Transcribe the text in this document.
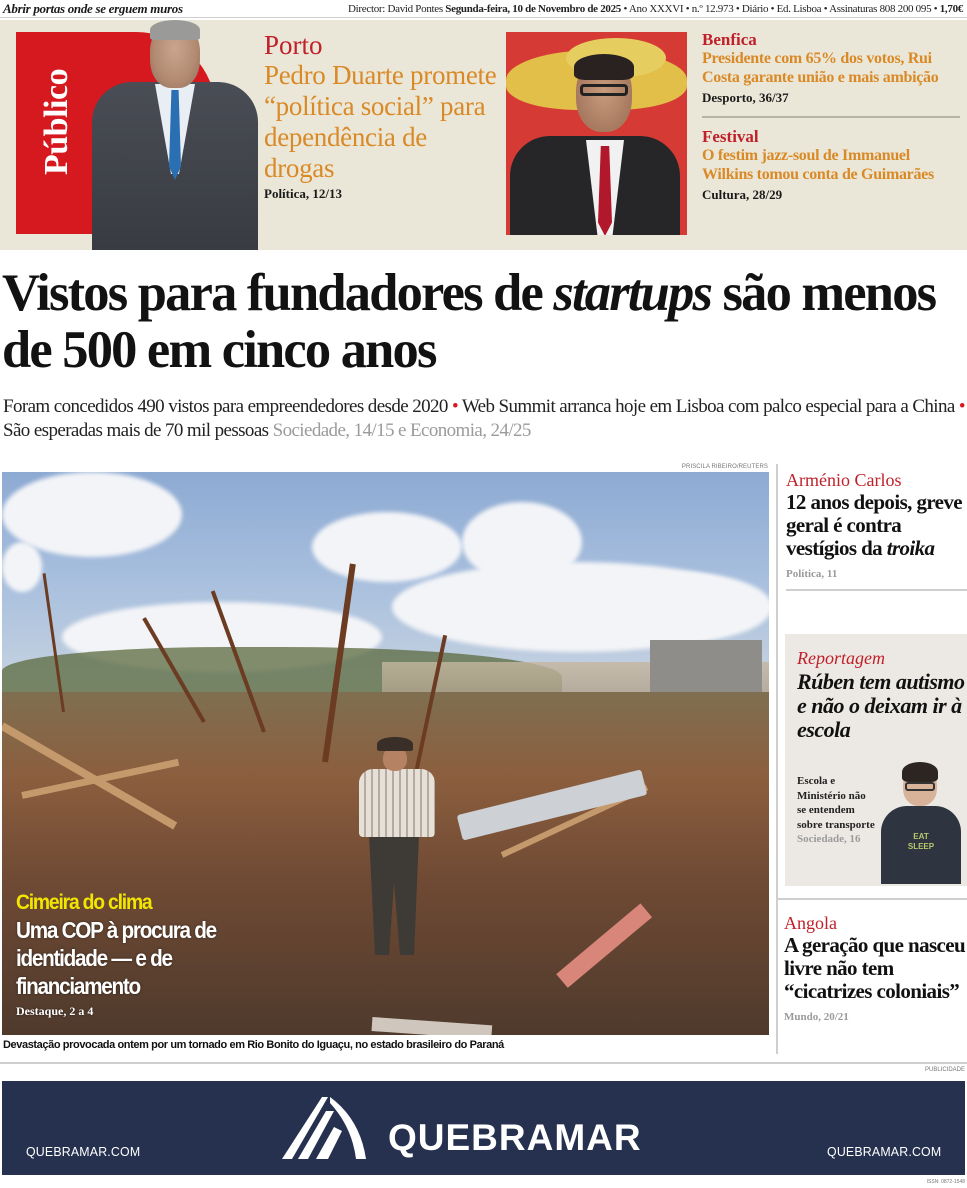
Abrir portas onde se erguem muros	Director: David Pontes Segunda-feira, 10 de Novembro de 2025 • Ano XXXVI • n.º 12.973 • Diário • Ed. Lisboa • Assinaturas 808 200 095 • 1,70€
Público
Porto
Pedro Duarte promete “política social” para dependência de drogas
Política, 12/13
Benfica
Presidente com 65% dos votos, Rui Costa garante união e mais ambição
Desporto, 36/37
Festival
O festim jazz-soul de Immanuel Wilkins tomou conta de Guimarães
Cultura, 28/29
Vistos para fundadores de startups são menos de 500 em cinco anos
Foram concedidos 490 vistos para empreendedores desde 2020 • Web Summit arranca hoje em Lisboa com palco especial para a China • São esperadas mais de 70 mil pessoas Sociedade, 14/15 e Economia, 24/25
PRISCILA RIBEIRO/REUTERS
Cimeira do clima
Uma COP à procura de identidade — e de financiamento
Destaque, 2 a 4
Devastação provocada ontem por um tornado em Rio Bonito do Iguaçu, no estado brasileiro do Paraná
Arménio Carlos
12 anos depois, greve geral é contra vestígios da troika
Política, 11
Reportagem
Rúben tem autismo e não o deixam ir à escola
Escola e Ministério não se entendem sobre transporte Sociedade, 16	EAT SLEEP
Angola
A geração que nasceu livre não tem “cicatrizes coloniais”
Mundo, 20/21
PUBLICIDADE
QUEBRAMAR.COM	QUEBRAMAR	QUEBRAMAR.COM
ISSN: 0872-1548
